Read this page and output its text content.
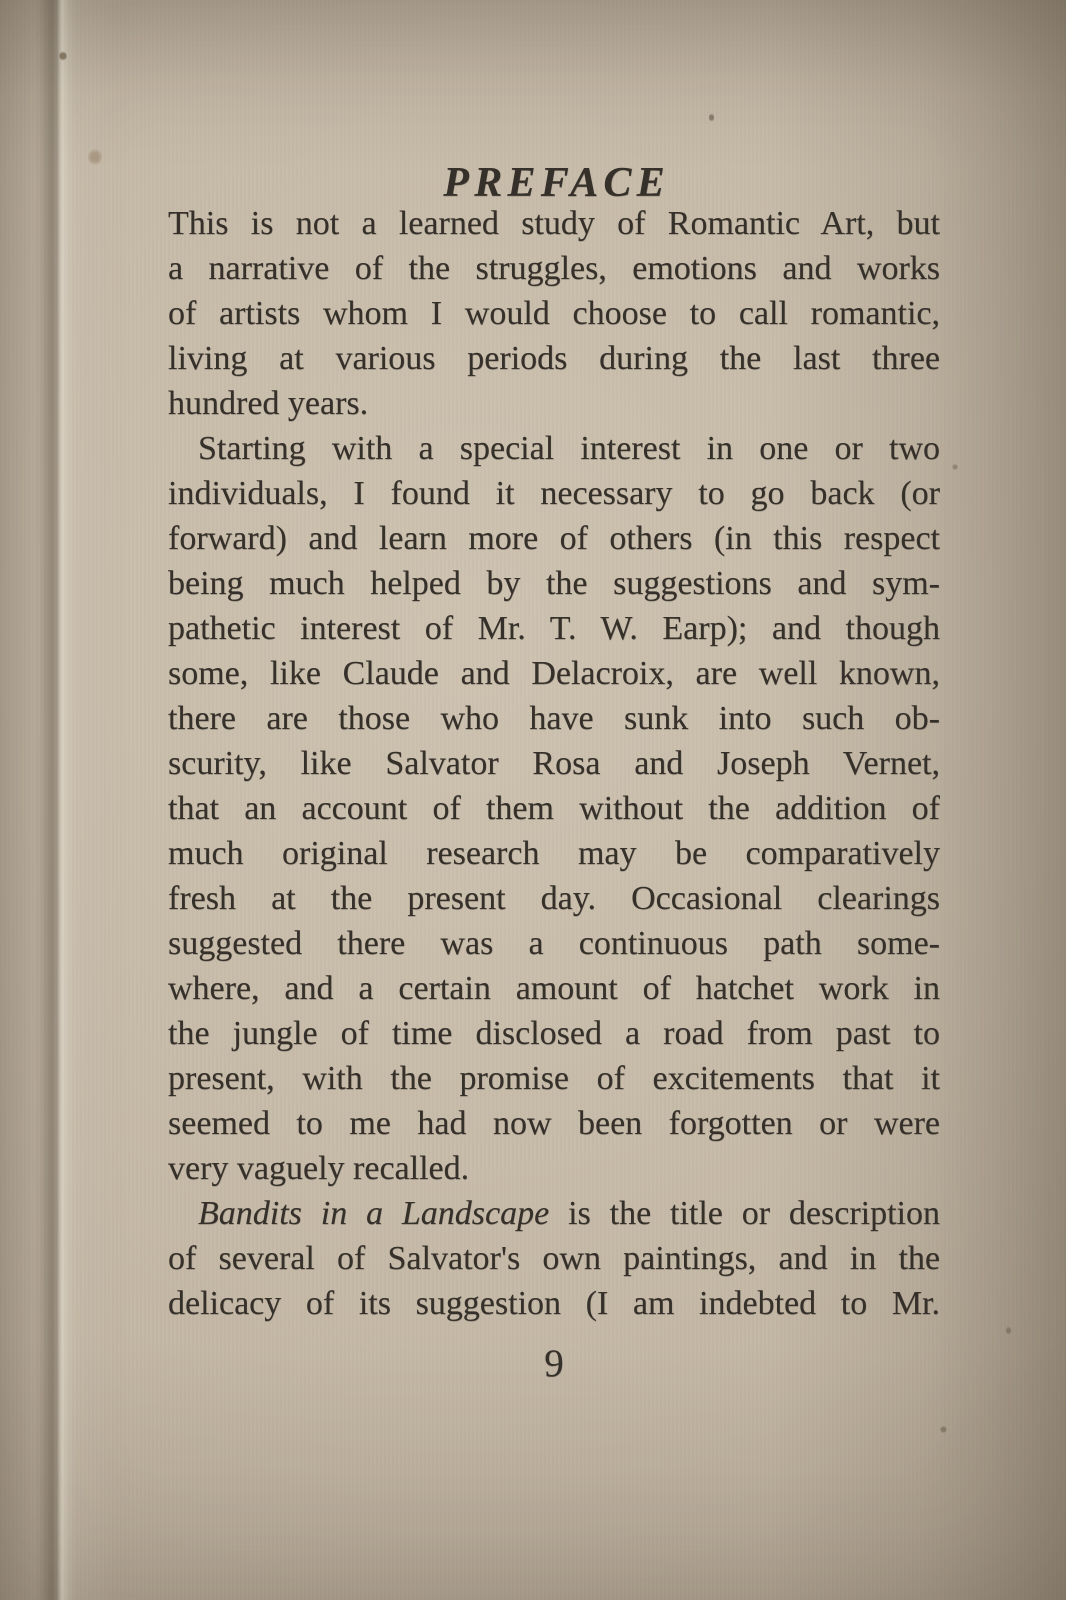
PREFACE
This is not a learned study of Romantic Art, but
a narrative of the struggles, emotions and works
of artists whom I would choose to call romantic,
living at various periods during the last three
hundred years.
Starting with a special interest in one or two
individuals, I found it necessary to go back (or
forward) and learn more of others (in this respect
being much helped by the suggestions and sym-
pathetic interest of Mr. T. W. Earp); and though
some, like Claude and Delacroix, are well known,
there are those who have sunk into such ob-
scurity, like Salvator Rosa and Joseph Vernet,
that an account of them without the addition of
much original research may be comparatively
fresh at the present day. Occasional clearings
suggested there was a continuous path some-
where, and a certain amount of hatchet work in
the jungle of time disclosed a road from past to
present, with the promise of excitements that it
seemed to me had now been forgotten or were
very vaguely recalled.
Bandits in a Landscape is the title or description
of several of Salvator's own paintings, and in the
delicacy of its suggestion (I am indebted to Mr.
9
